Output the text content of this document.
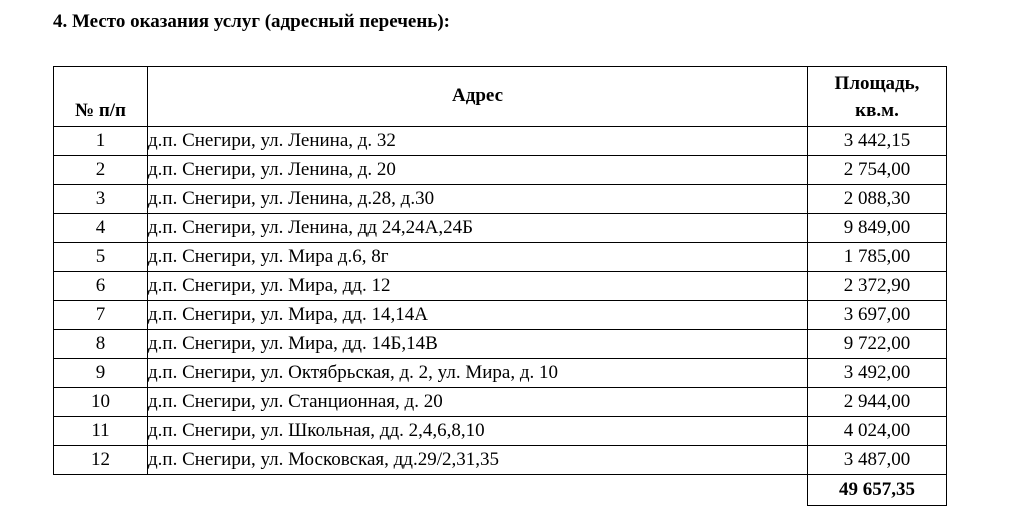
4. Место оказания услуг (адресный перечень):
№ п/п	Адрес	Площадь,
кв.м.
1	д.п. Снегири, ул. Ленина, д. 32	3 442,15
2	д.п. Снегири, ул. Ленина, д. 20	2 754,00
3	д.п. Снегири, ул. Ленина, д.28, д.30	2 088,30
4	д.п. Снегири, ул. Ленина, дд 24,24А,24Б	9 849,00
5	д.п. Снегири, ул. Мира д.6, 8г	1 785,00
6	д.п. Снегири, ул. Мира, дд. 12	2 372,90
7	д.п. Снегири, ул. Мира, дд. 14,14А	3 697,00
8	д.п. Снегири, ул. Мира, дд. 14Б,14В	9 722,00
9	д.п. Снегири, ул. Октябрьская, д. 2, ул. Мира, д. 10	3 492,00
10	д.п. Снегири, ул. Станционная, д. 20	2 944,00
11	д.п. Снегири, ул. Школьная, дд. 2,4,6,8,10	4 024,00
12	д.п. Снегири, ул. Московская, дд.29/2,31,35	3 487,00
		49 657,35
